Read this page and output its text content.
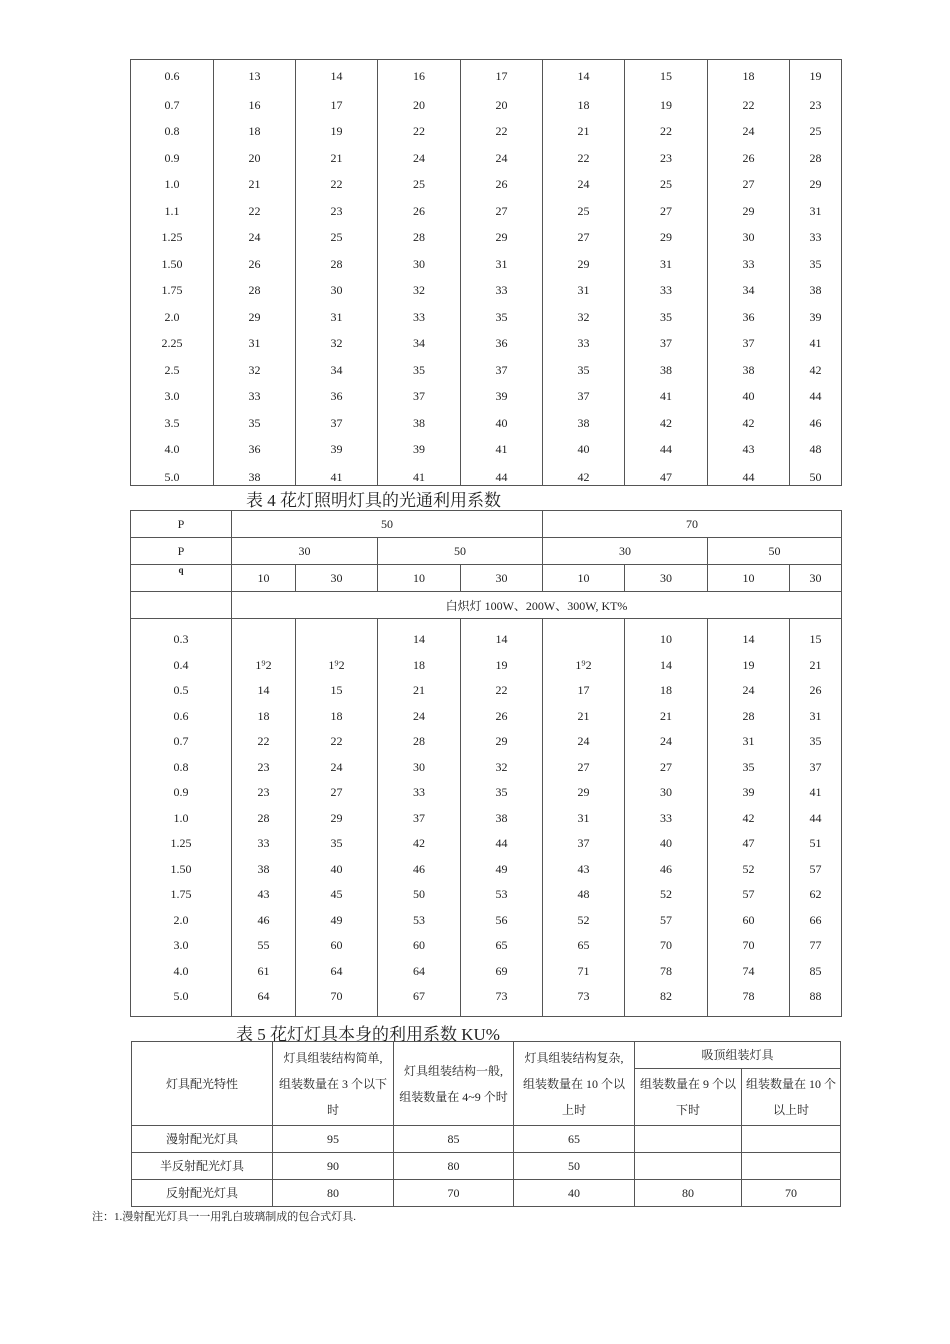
0.6	13	14	16	17	14	15	18	19
0.7	16	17	20	20	18	19	22	23
0.8	18	19	22	22	21	22	24	25
0.9	20	21	24	24	22	23	26	28
1.0	21	22	25	26	24	25	27	29
1.1	22	23	26	27	25	27	29	31
1.25	24	25	28	29	27	29	30	33
1.50	26	28	30	31	29	31	33	35
1.75	28	30	32	33	31	33	34	38
2.0	29	31	33	35	32	35	36	39
2.25	31	32	34	36	33	37	37	41
2.5	32	34	35	37	35	38	38	42
3.0	33	36	37	39	37	41	40	44
3.5	35	37	38	40	38	42	42	46
4.0	36	39	39	41	40	44	43	48
5.0	38	41	41	44	42	47	44	50
表 4 花灯照明灯具的光通利用系数
P	50				70			
P	30		50		30		50	
q	10	30	10	30	10	30	10	30
	白炽灯 100W、200W、300W, KT%							
0.3			14	14		10	14	15
0.4	1⁹2	1⁹2	18	19	1⁹2	14	19	21
0.5	14	15	21	22	17	18	24	26
0.6	18	18	24	26	21	21	28	31
0.7	22	22	28	29	24	24	31	35
0.8	23	24	30	32	27	27	35	37
0.9	23	27	33	35	29	30	39	41
1.0	28	29	37	38	31	33	42	44
1.25	33	35	42	44	37	40	47	51
1.50	38	40	46	49	43	46	52	57
1.75	43	45	50	53	48	52	57	62
2.0	46	49	53	56	52	57	60	66
3.0	55	60	60	65	65	70	70	77
4.0	61	64	64	69	71	78	74	85
5.0	64	70	67	73	73	82	78	88
表 5 花灯灯具本身的利用系数 KU%
灯具配光特性	灯具组装结构简单, 组装数量在 3 个以下时	灯具组装结构一般, 组装数量在 4~9 个时	灯具组装结构复杂, 组装数量在 10 个以上时	吸顶组装灯具	
				组装数量在 9 个以下时	组装数量在 10 个以上时
漫射配光灯具	95	85	65		
半反射配光灯具	90	80	50		
反射配光灯具	80	70	40	80	70
注：1.漫射配光灯具一一用乳白玻璃制成的包合式灯具.
